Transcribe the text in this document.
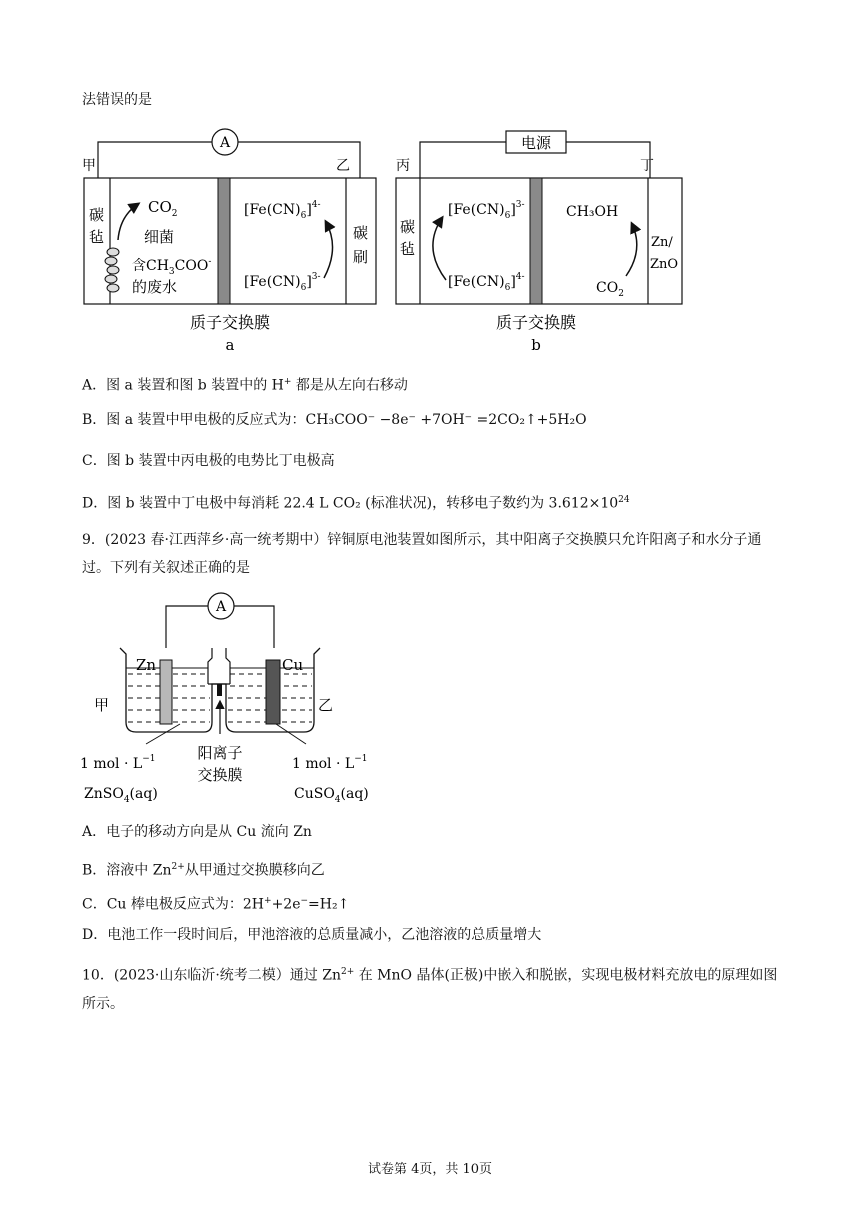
法错误的是
A
甲	乙
碳
毡	碳
刷
$CO_2$
细菌
含$CH_3COO^-$
的废水
$[Fe(CN)_6]^{4-}$
$[Fe(CN)_6]^{3-}$
质子交换膜
a
电源
丙	丁
碳
毡	Zn/
ZnO
$[Fe(CN)_6]^{3-}$
$[Fe(CN)_6]^{4-}$
CH₃OH
$CO_2$
质子交换膜
b
A．图 a 装置和图 b 装置中的 H+ 都是从左向右移动
B．图 a 装置中甲电极的反应式为：CH₃COO⁻ −8e⁻ +7OH⁻ =2CO₂↑+5H₂O
C．图 b 装置中丙电极的电势比丁电极高
D．图 b 装置中丁电极中每消耗 22.4 L CO₂ (标准状况)，转移电子数约为 $3.612\times 10^{24}$
9．(2023 春·江西萍乡·高一统考期中）锌铜原电池装置如图所示，其中阳离子交换膜只允许阳离子和水分子通过。下列有关叙述正确的是
A
Zn	Cu
甲	乙
阳离子
交换膜
1 mol · $L^{-1}$
ZnSO$_4$(aq)
1 mol · $L^{-1}$
CuSO$_4$(aq)
A．电子的移动方向是从 Cu 流向 Zn
B．溶液中 $Zn^{2+}$从甲通过交换膜移向乙
C．Cu 棒电极反应式为：2H++2e−=H₂↑
D．电池工作一段时间后，甲池溶液的总质量减小，乙池溶液的总质量增大
10．(2023·山东临沂·统考二模）通过 $Zn^{2+}$ 在 MnO 晶体(正极)中嵌入和脱嵌，实现电极材料充放电的原理如图所示。
试卷第 4页，共 10页
